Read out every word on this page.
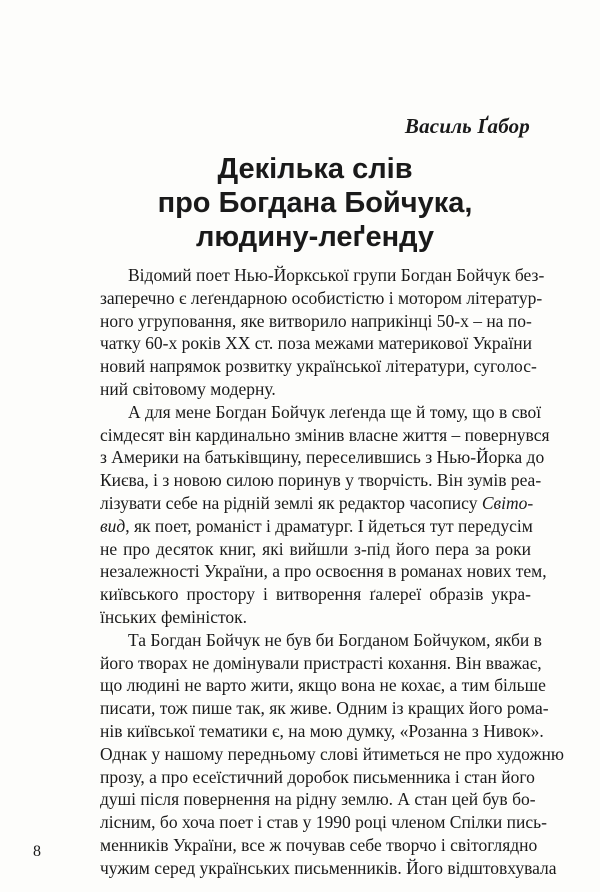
Василь Ґабор
Декілька слів
про Богдана Бойчука,
людину-леґенду
Відомий поет Нью-Йоркської групи Богдан Бойчук без-
заперечно є леґендарною особистістю і мотором літератур-
ного угруповання, яке витворило наприкінці 50-х – на по-
чатку 60-х років XX ст. поза межами материкової України
новий напрямок розвитку української літератури, суголос-
ний світовому модерну.
А для мене Богдан Бойчук леґенда ще й тому, що в свої
сімдесят він кардинально змінив власне життя – повернувся
з Америки на батьківщину, переселившись з Нью-Йорка до
Києва, і з новою силою поринув у творчість. Він зумів реа-
лізувати себе на рідній землі як редактор часопису Світо-
вид, як поет, романіст і драматург. І йдеться тут передусім
не про десяток книг, які вийшли з-під його пера за роки
незалежності України, а про освоєння в романах нових тем,
київського простору і витворення ґалереї образів укра-
їнських феміністок.
Та Богдан Бойчук не був би Богданом Бойчуком, якби в
його творах не домінували пристрасті кохання. Він вважає,
що людині не варто жити, якщо вона не кохає, а тим більше
писати, тож пише так, як живе. Одним із кращих його рома-
нів київської тематики є, на мою думку, «Розанна з Нивок».
Однак у нашому передньому слові йтиметься не про художню
прозу, а про есеїстичний доробок письменника і стан його
душі після повернення на рідну землю. А стан цей був бо-
лісним, бо хоча поет і став у 1990 році членом Спілки пись-
менників України, все ж почував себе творчо і світоглядно
чужим серед українських письменників. Його відштовхувала
8
